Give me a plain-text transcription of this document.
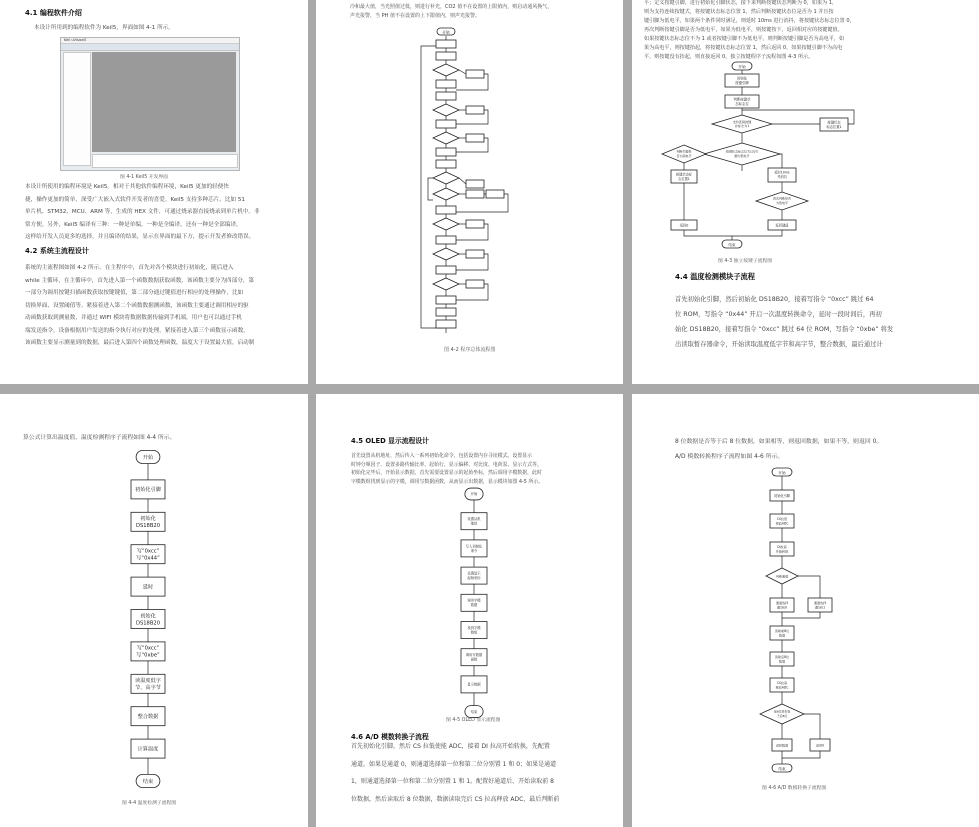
4.1 编程软件介绍
本设计所用到的编程软件为 Keil5，界面如图 4-1 所示。
Keil uVision5
图 4-1 Keil5 开发界面
本设计所使用的编程环境是 Keil5。相对于其他软件编程环境，Keil5 更加的轻便快
捷，操作更加的简单，深受广大嵌入式软件开发者的喜爱。Keil5 支持多种芯片，比如 51
单片机、STM32、MCU、ARM 等，生成的 HEX 文件，可通过烧录器直接烧录到单片机中。非
常方便。另外，Keil5 编译有三种：一种是单编，一种是全编译，还有一种是全部编译，
这样给开发人员更多的选择，并且编译的结果，显示在界面的最下方，提示开发者修改错误。
4.2 系统主流程设计
系统的主流程图如图 4-2 所示。在主程序中，首先对各个模块进行初始化，随后进入
while 主循环，在主循环中，首先进入第一个函数数据获取函数，该函数主要分为四部分，第
一部分为调用按键扫描函数获取按键键值，第二部分通过键值进行相应的处理操作，比如
切换界面、设置阈值等。紧接着进入第二个函数数据测函数，该函数主要通过调用相应的驱
动函数获取到测量数，并通过 WIFI 模块将数据数据传输到手机端，用户也可以通过手机
端发送指令，设备根据用户发送的指令执行对应的处理。紧接着进入第三个函数显示函数，
该函数主要显示测量到的数据，最后进入第四个函数处理函数，温度大于设置最大值，启动制
冷和最大值，当光照值过低，则进行补光，CO2 值不在设置的上限值内，则启动通风换气，
声光报警，当 PH 值不在设置的上下限值内，则声光报警。
开始
图 4-2 程序总体流程图
平；定义按键引脚，进行初始化引脚状态，接下来判断按键状态判断为 0，如果为 1，
则为支持连续按键式，将按键状态标志位置 1，然后判断按键状态位是否为 1 并且按
键引脚为低电平，如果两个条件同时满足，则延时 10ms 进行消抖，将按键状态标志位置 0，
再次判断按键引脚是否为低电平，如果为低电平，则按键按下，返回相对应的按键键值。
如果按键状态标志位不为 1 或者按键引脚不为低电平，则判断按键引脚是否为高电平，如
果为高电平，则按键抬起，将按键状态标志位置 1，然后返回 0，如果按键引脚不为高电
平，则按键没有抬起，则直接返回 0，独立按键程序子流程如图 4-3 所示。
开始
初始化
按键引脚
判断按键状
态标志位
支持连续按键
并标志为1
按键状态
标志位置1
按键状态标志位为1且引
脚为低电平
判断引脚是
否为高电平
按键状态标
志位置1
延时10ms
并消抖
再次判断是否
为低电平
返回0	返回键值
结束
图 4-3 独立按键子流程图
4.4 温度检测模块子流程
首先初始化引脚，然后初始化 DS18B20，接着写指令 “0xcc” 跳过 64
位 ROM，写指令 “0x44” 开启一次温度转换命令，延时一段时间后，再初
始化 DS18B20，接着写指令 “0xcc” 跳过 64 位 ROM，写指令 “0xbe” 将发
出读取暂存器命令，开始读取温度低字节和高字节，整合数据，最后通过计
算公式计算出温度值，温度检测程序子流程如图 4-4 所示。
开始
初始化引脚
初始化
DS18B20
写“0xcc”
写“0x44”
延时
初始化
DS18B20
写“0xcc”
写“0xbe”
读温度低字
节、高字节
整合数据
计算温度
结束
图 4-4 温度检测子流程图
4.5 OLED 显示流程设计
首先设置从机地址，然后传入一系列初始化命令，包括设置内存寻址模式、设置显示
时钟分频因子、设置多路传输比率、起始行、显示偏移、对比度、电荷泵、显示方式等。
初始化完毕后，开始显示数据，首先需要设置显示的起始坐标，然后调用字模数据，此时
字模数组找到显示的字模，调用写数据函数，从而显示出数据，显示模块如图 4-5 所示。
开始
设置从机
地址
写入初始化
命令
设置显示
起始坐标
调用字模
数据
找到字模
数组
调用写数据
函数
显示数据
结束
图 4-5 OLED 显示流程图
4.6 A/D 模数转换子流程
首先初始化引脚，然后 CS 拉低使能 ADC，接着 DI 拉高开始转换，先配置
通道，如果是通道 0，则通道选择第一位和第二位分别置 1 和 0；如果是通道
1，则通道选择第一位和第二位分别置 1 和 1。配置好通道后，开始读取前 8
位数据，然后读取后 8 位数据，数据读取完后 CS 拉高释放 ADC，最后判断前
8 位数据是否等于后 8 位数据，如果相等，则返回数据，如果不等，则返回 0。
A/D 模数转换程序子流程如图 4-6 所示。
开始
初始化引脚
CS拉低
使能ADC
DI拉高
开始转换
判断通道
通道选择
置1和0
通道选择
置1和1
读取前8位
数据
读取后8位
数据
CS拉高
释放ADC
前8位是否等
于后8位
返回数据	返回0
结束
图 4-6 A/D 数模转换子流程图
